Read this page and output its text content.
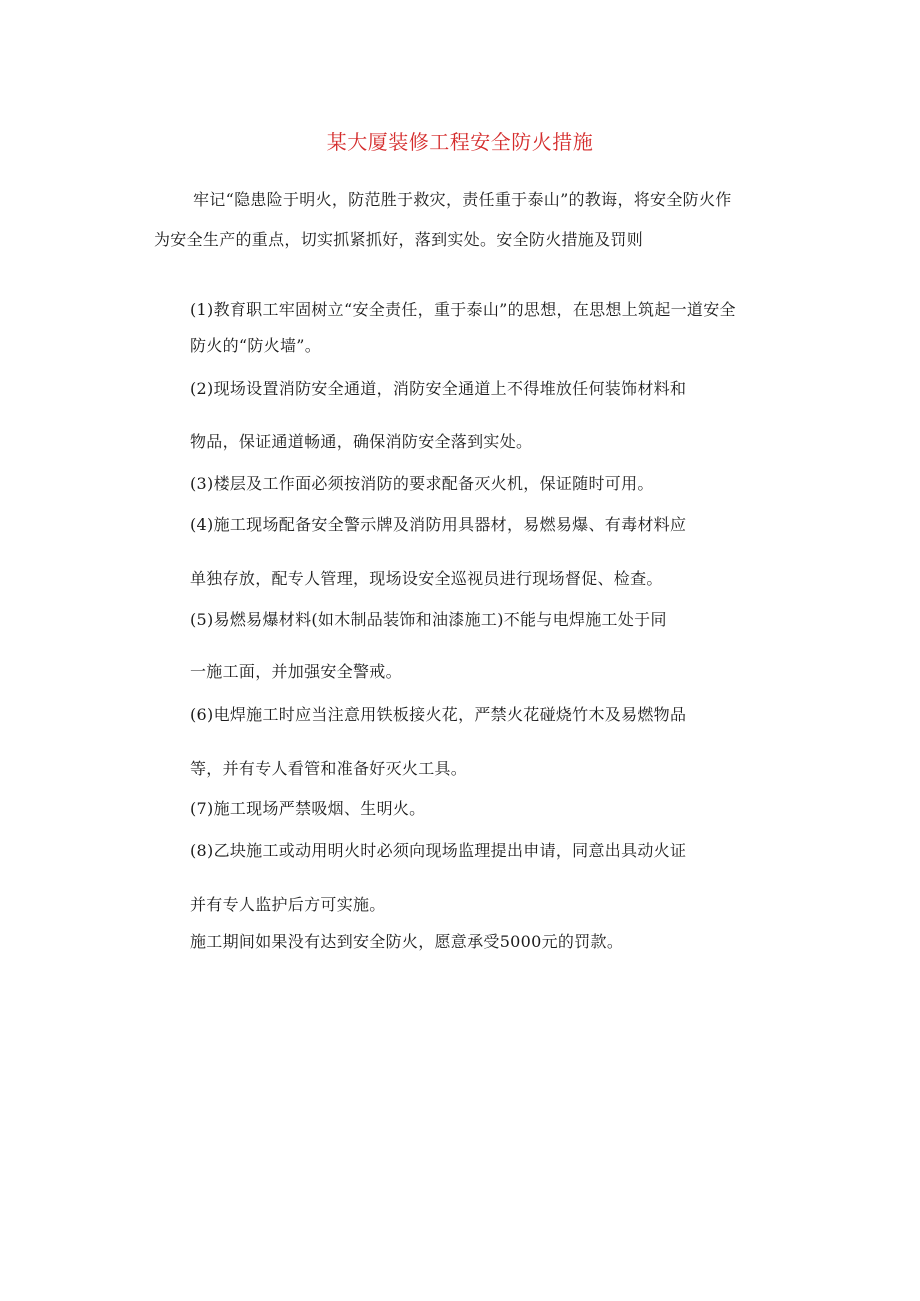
某大厦装修工程安全防火措施
牢记“隐患险于明火，防范胜于救灾，责任重于泰山”的教诲，将安全防火作
为安全生产的重点，切实抓紧抓好，落到实处。安全防火措施及罚则
(1)教育职工牢固树立“安全责任，重于泰山”的思想，在思想上筑起一道安全
防火的“防火墙”。
(2)现场设置消防安全通道，消防安全通道上不得堆放任何装饰材料和
物品，保证通道畅通，确保消防安全落到实处。
(3)楼层及工作面必须按消防的要求配备灭火机，保证随时可用。
(4)施工现场配备安全警示牌及消防用具器材，易燃易爆、有毒材料应
单独存放，配专人管理，现场设安全巡视员进行现场督促、检查。
(5)易燃易爆材料(如木制品装饰和油漆施工)不能与电焊施工处于同
一施工面，并加强安全警戒。
(6)电焊施工时应当注意用铁板接火花，严禁火花碰烧竹木及易燃物品
等，并有专人看管和准备好灭火工具。
(7)施工现场严禁吸烟、生明火。
(8)乙块施工或动用明火时必须向现场监理提出申请，同意出具动火证
并有专人监护后方可实施。
施工期间如果没有达到安全防火，愿意承受5000元的罚款。
